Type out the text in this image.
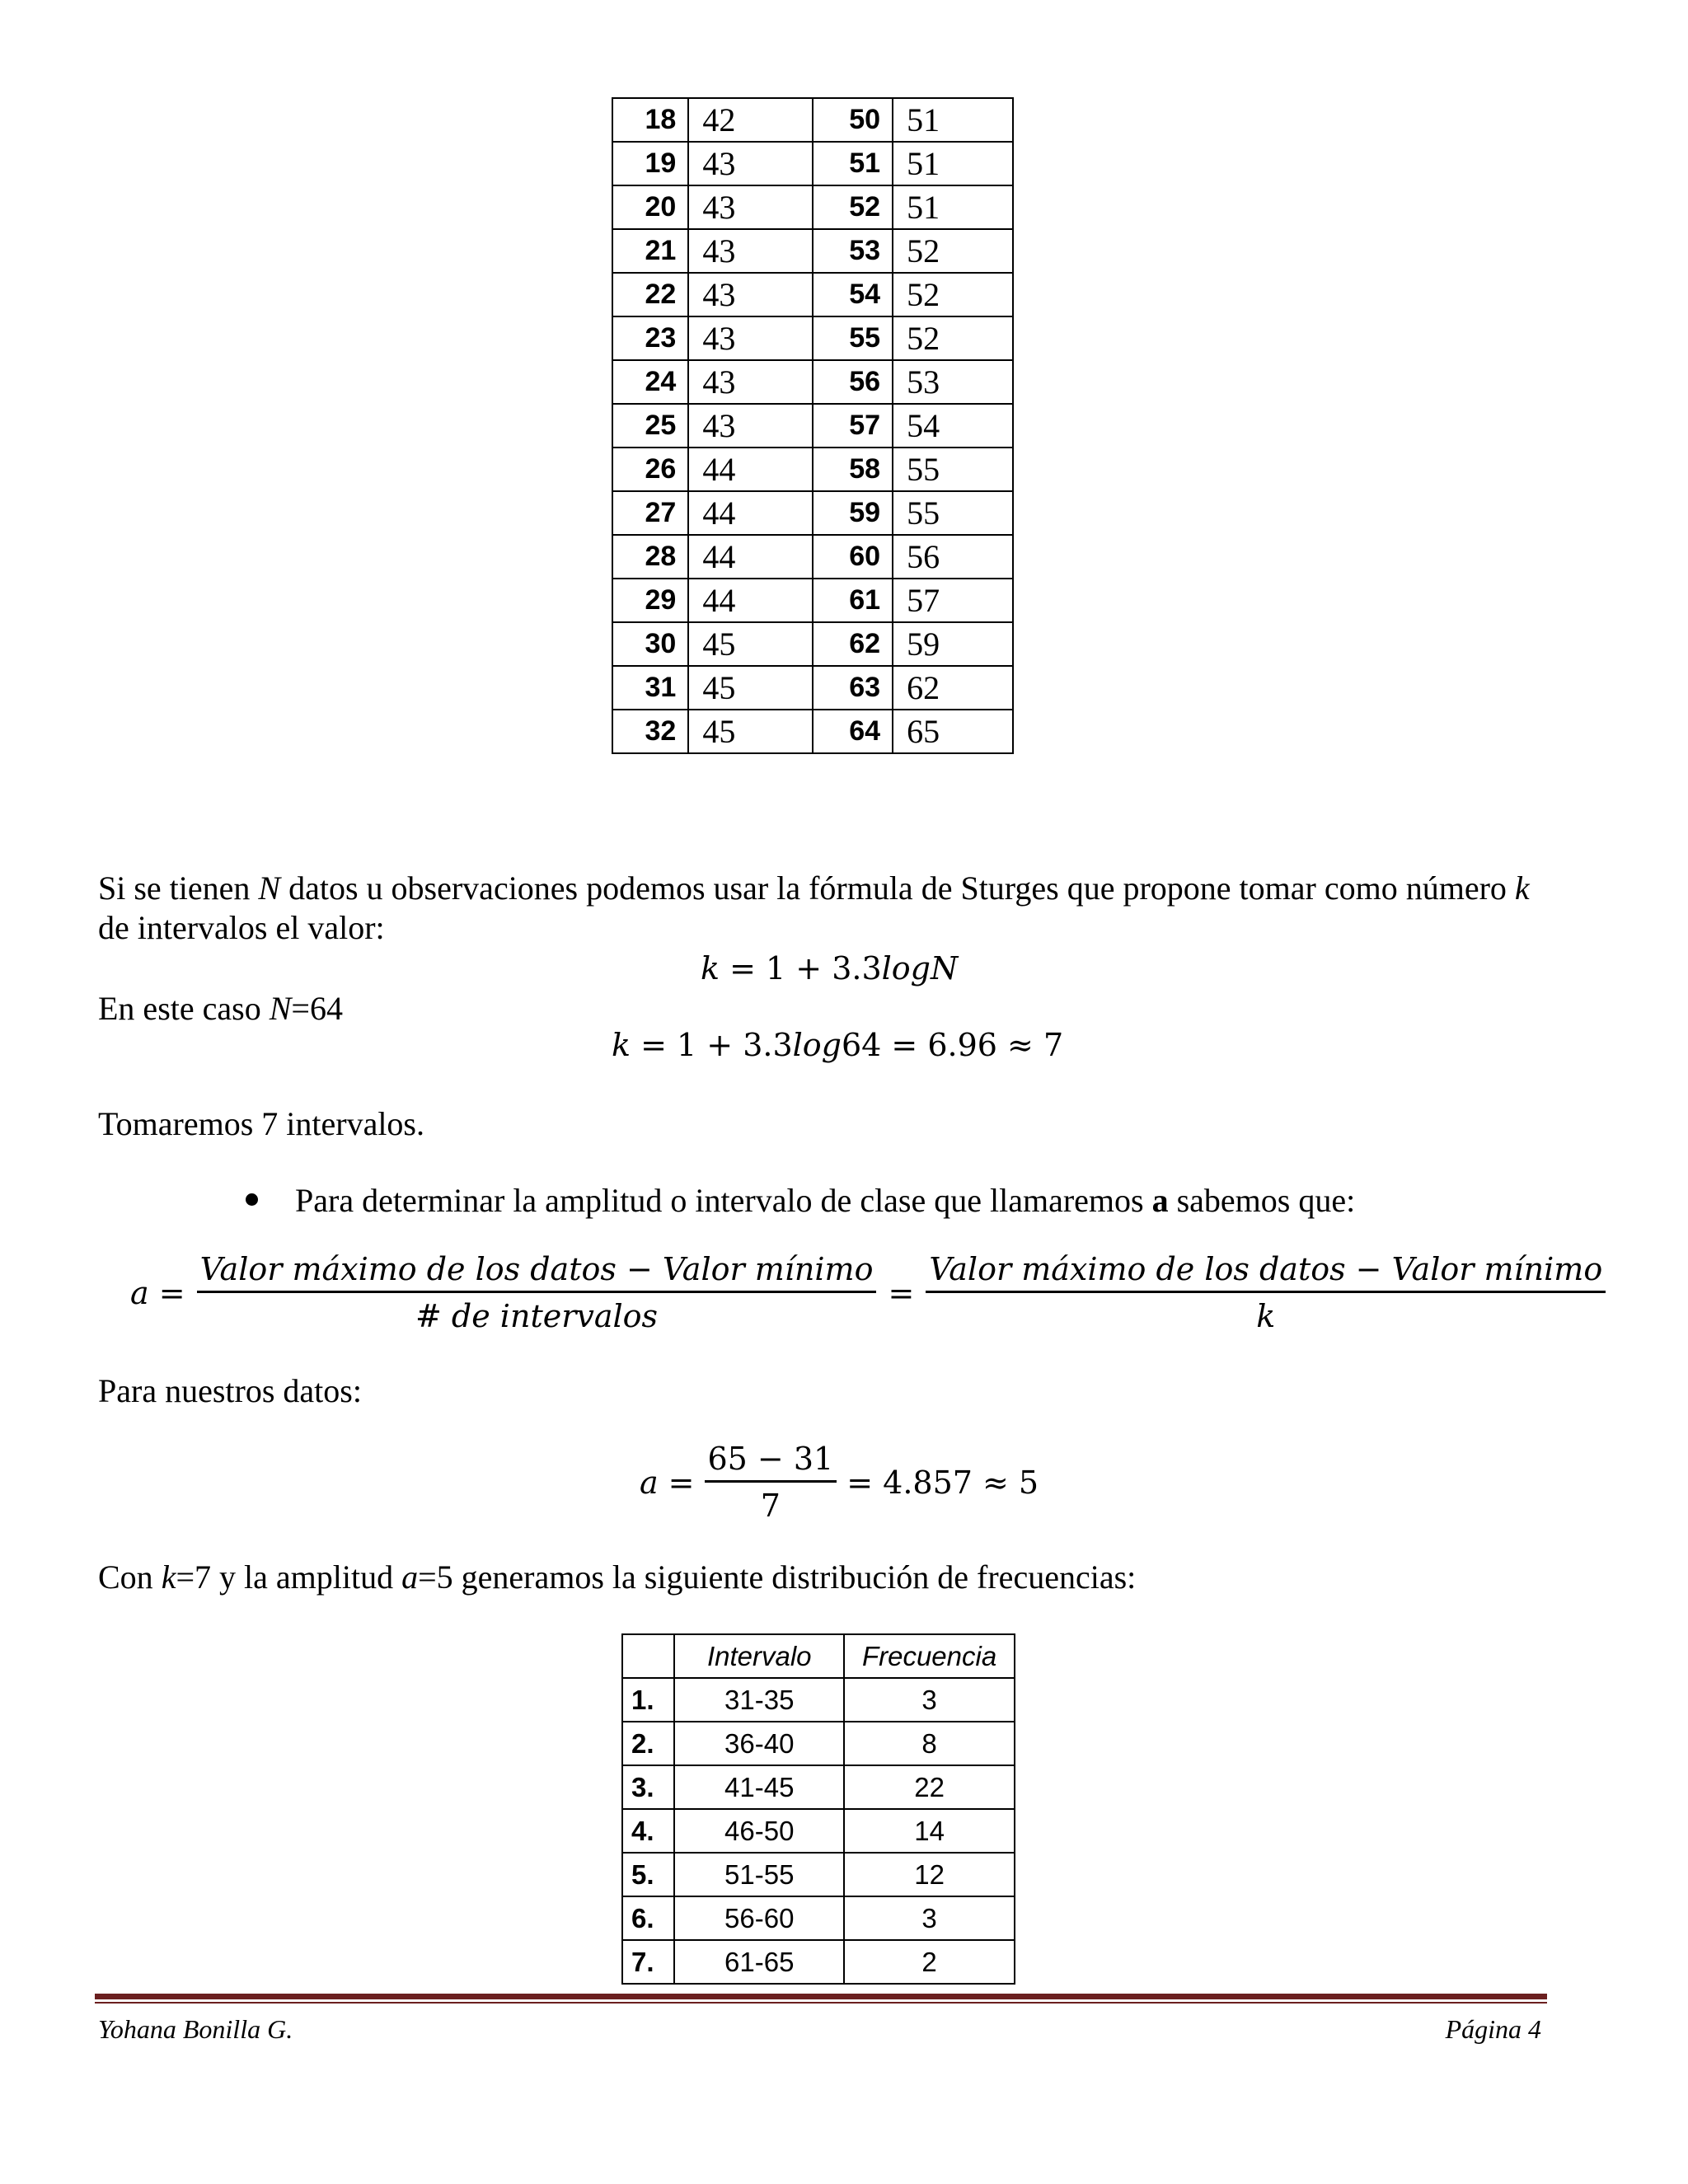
18	42	50	51
19	43	51	51
20	43	52	51
21	43	53	52
22	43	54	52
23	43	55	52
24	43	56	53
25	43	57	54
26	44	58	55
27	44	59	55
28	44	60	56
29	44	61	57
30	45	62	59
31	45	63	62
32	45	64	65
Si se tienen N datos u observaciones podemos usar la fórmula de Sturges que propone tomar como número k
de intervalos el valor:
k = 1 + 3.3logN
En este caso N=64
k = 1 + 3.3log64 = 6.96 ≈ 7
Tomaremos 7 intervalos.
Para determinar la amplitud o intervalo de clase que llamaremos a sabemos que:
$a = \frac{\text{Valor máximo de los datos − Valor mínimo}}{\text{\# de intervalos}} = \frac{\text{Valor máximo de los datos − Valor mínimo}}{k}$
Para nuestros datos:
$a = \frac{65 - 31}{7} = 4.857 \approx 5$
Con k=7 y la amplitud a=5 generamos la siguiente distribución de frecuencias:
	Intervalo	Frecuencia
1.	31-35	3
2.	36-40	8
3.	41-45	22
4.	46-50	14
5.	51-55	12
6.	56-60	3
7.	61-65	2
Yohana Bonilla G.	Página 4
